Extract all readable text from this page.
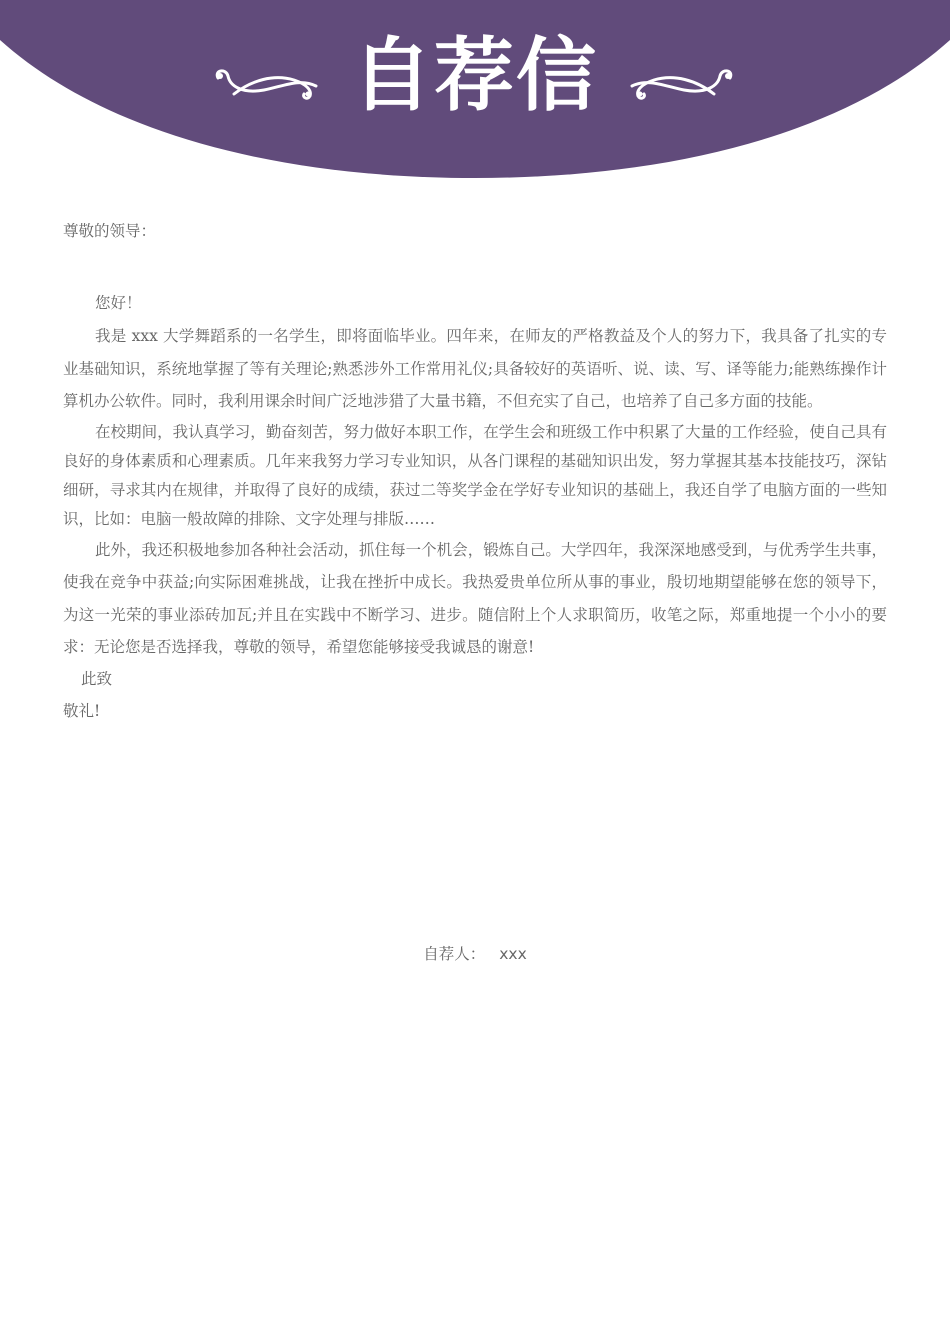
自荐信

尊敬的领导：

您好！

我是 xxx 大学舞蹈系的一名学生，即将面临毕业。四年来，在师友的严格教益及个人的努力下，我具备了扎实的专业基础知识，系统地掌握了等有关理论;熟悉涉外工作常用礼仪;具备较好的英语听、说、读、写、译等能力;能熟练操作计算机办公软件。同时，我利用课余时间广泛地涉猎了大量书籍，不但充实了自己，也培养了自己多方面的技能。

在校期间，我认真学习，勤奋刻苦，努力做好本职工作，在学生会和班级工作中积累了大量的工作经验，使自己具有良好的身体素质和心理素质。几年来我努力学习专业知识，从各门课程的基础知识出发，努力掌握其基本技能技巧，深钻细研，寻求其内在规律，并取得了良好的成绩，获过二等奖学金在学好专业知识的基础上，我还自学了电脑方面的一些知识，比如：电脑一般故障的排除、文字处理与排版……

此外，我还积极地参加各种社会活动，抓住每一个机会，锻炼自己。大学四年，我深深地感受到，与优秀学生共事，使我在竞争中获益;向实际困难挑战，让我在挫折中成长。我热爱贵单位所从事的事业，殷切地期望能够在您的领导下，为这一光荣的事业添砖加瓦;并且在实践中不断学习、进步。随信附上个人求职简历，收笔之际，郑重地提一个小小的要求：无论您是否选择我，尊敬的领导，希望您能够接受我诚恳的谢意!

此致

敬礼!

自荐人： xxx
